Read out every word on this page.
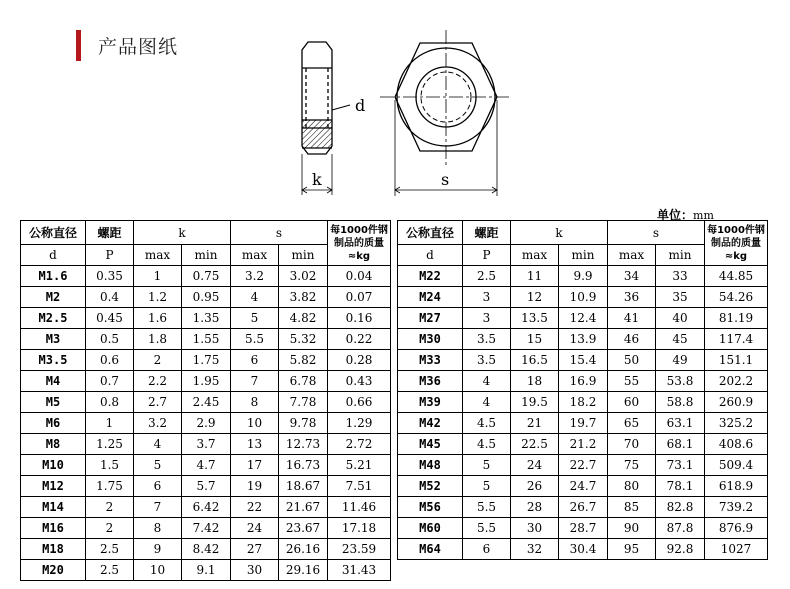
产品图纸
d
k	s
单位：mm
公称直径	螺距	k		s		每1000件钢
制品的质量
≈kg

d	P	max	min	max	min	
M1.6	0.35	1	0.75	3.2	3.02	0.04
M2	0.4	1.2	0.95	4	3.82	0.07
M2.5	0.45	1.6	1.35	5	4.82	0.16
M3	0.5	1.8	1.55	5.5	5.32	0.22
M3.5	0.6	2	1.75	6	5.82	0.28
M4	0.7	2.2	1.95	7	6.78	0.43
M5	0.8	2.7	2.45	8	7.78	0.66
M6	1	3.2	2.9	10	9.78	1.29
M8	1.25	4	3.7	13	12.73	2.72
M10	1.5	5	4.7	17	16.73	5.21
M12	1.75	6	5.7	19	18.67	7.51
M14	2	7	6.42	22	21.67	11.46
M16	2	8	7.42	24	23.67	17.18
M18	2.5	9	8.42	27	26.16	23.59
M20	2.5	10	9.1	30	29.16	31.43
公称直径	螺距	k		s		每1000件钢
制品的质量
≈kg

d	P	max	min	max	min	
M22	2.5	11	9.9	34	33	44.85
M24	3	12	10.9	36	35	54.26
M27	3	13.5	12.4	41	40	81.19
M30	3.5	15	13.9	46	45	117.4
M33	3.5	16.5	15.4	50	49	151.1
M36	4	18	16.9	55	53.8	202.2
M39	4	19.5	18.2	60	58.8	260.9
M42	4.5	21	19.7	65	63.1	325.2
M45	4.5	22.5	21.2	70	68.1	408.6
M48	5	24	22.7	75	73.1	509.4
M52	5	26	24.7	80	78.1	618.9
M56	5.5	28	26.7	85	82.8	739.2
M60	5.5	30	28.7	90	87.8	876.9
M64	6	32	30.4	95	92.8	1027
